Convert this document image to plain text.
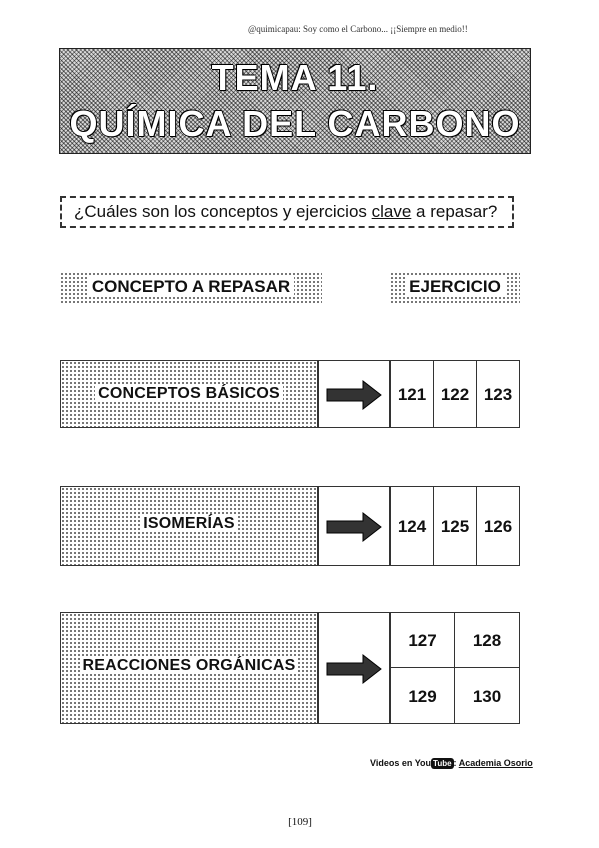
@quimicapau: Soy como el Carbono... ¡¡Siempre en medio!!
TEMA 11.
QUÍMICA DEL CARBONO
¿Cuáles son los conceptos y ejercicios clave a repasar?
CONCEPTO A REPASAR	EJERCICIO
CONCEPTOS BÁSICOS	121 122 123
ISOMERÍAS	124 125 126
REACCIONES ORGÁNICAS
127	128
129	130
Videos en You Tube : Academia Osorio
[109]
